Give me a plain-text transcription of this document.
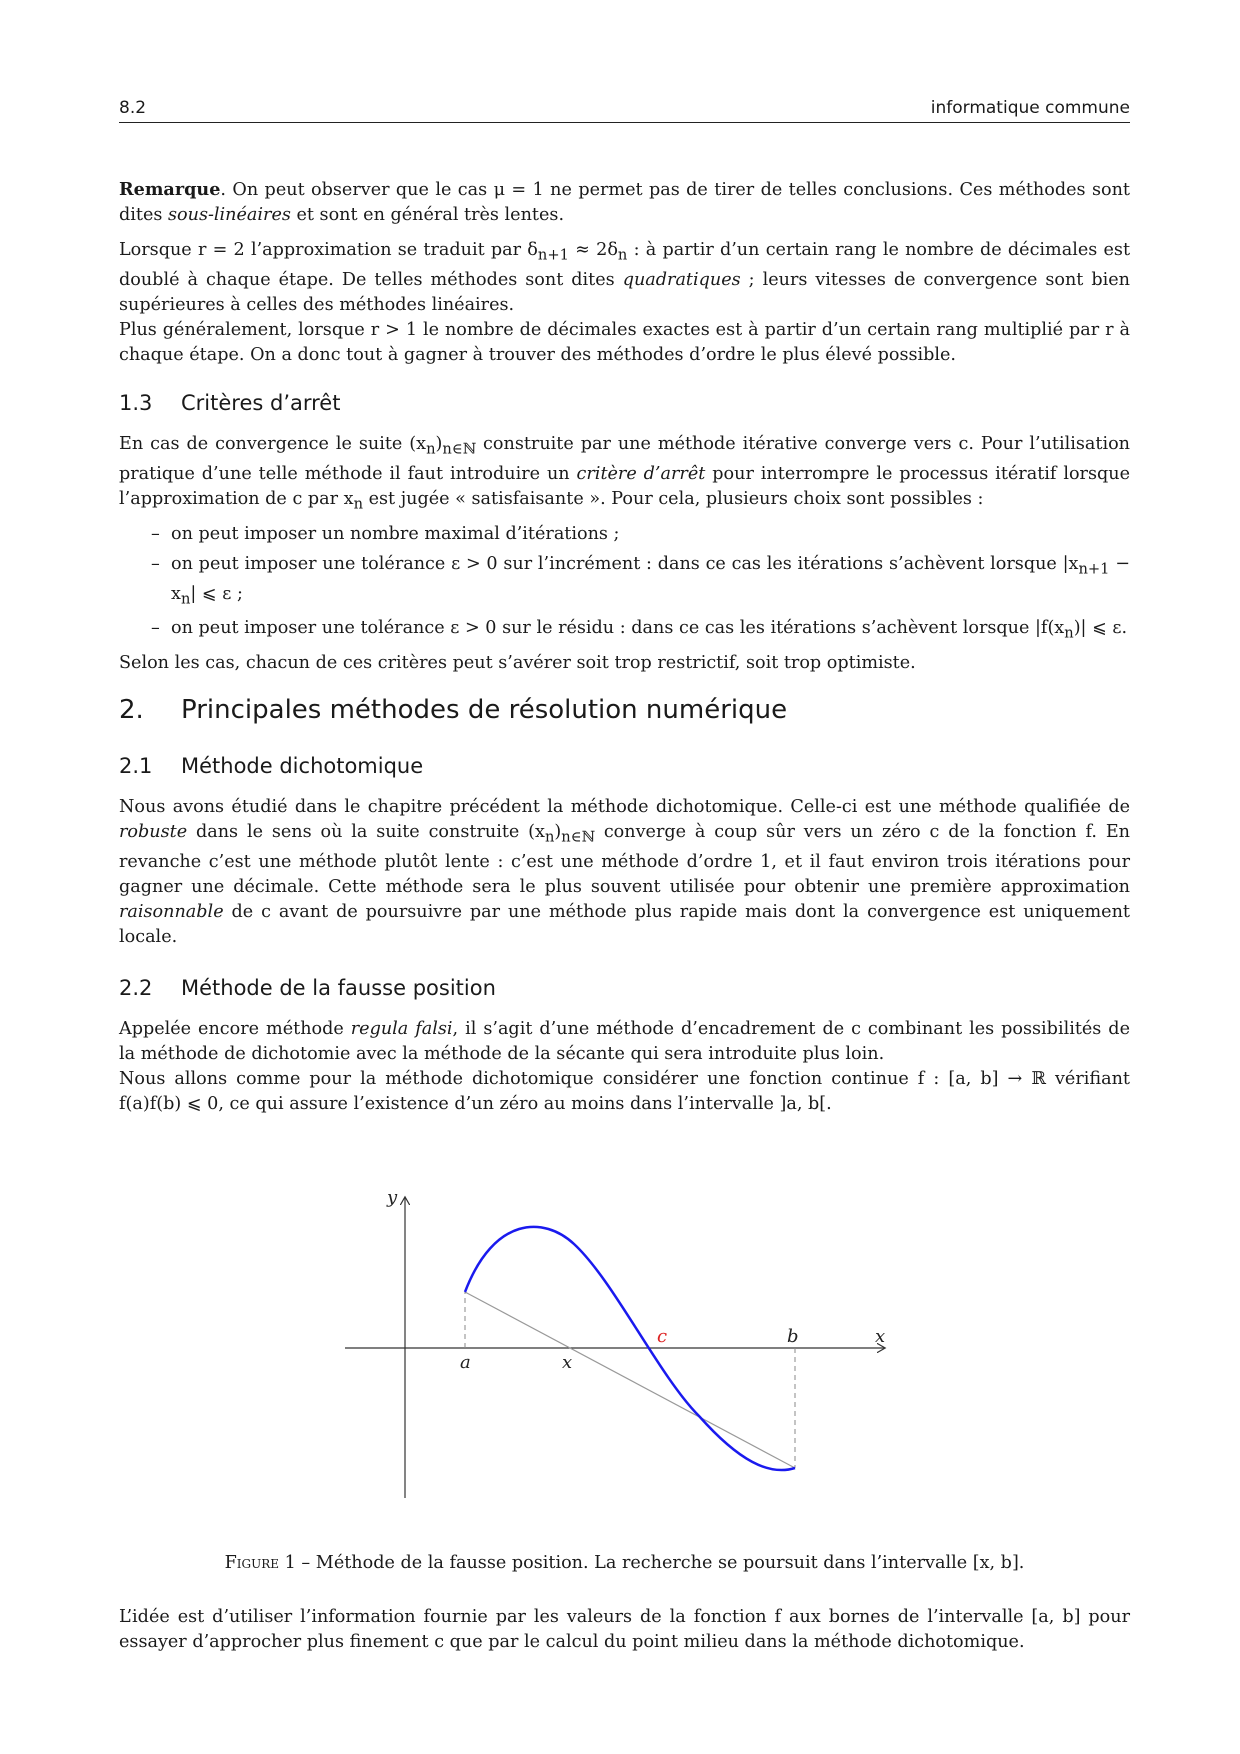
8.2	informatique commune

Remarque. On peut observer que le cas μ = 1 ne permet pas de tirer de telles conclusions. Ces méthodes sont dites sous-linéaires et sont en général très lentes.

Lorsque r = 2 l’approximation se traduit par $\delta_{n+1} \approx 2\delta_n$ : à partir d’un certain rang le nombre de décimales est doublé à chaque étape. De telles méthodes sont dites quadratiques ; leurs vitesses de convergence sont bien supérieures à celles des méthodes linéaires.

Plus généralement, lorsque r > 1 le nombre de décimales exactes est à partir d’un certain rang multiplié par r à chaque étape. On a donc tout à gagner à trouver des méthodes d’ordre le plus élevé possible.

1.3 Critères d’arrêt

En cas de convergence le suite $(x_n)_{n\in ℕ}$ construite par une méthode itérative converge vers c. Pour l’utilisation pratique d’une telle méthode il faut introduire un critère d’arrêt pour interrompre le processus itératif lorsque l’approximation de c par $x_n$ est jugée « satisfaisante ». Pour cela, plusieurs choix sont possibles :

– on peut imposer un nombre maximal d’itérations ;
– on peut imposer une tolérance ε > 0 sur l’incrément : dans ce cas les itérations s’achèvent lorsque $|x_{n+1} - x_n|$ ⩽ ε ;
– on peut imposer une tolérance ε > 0 sur le résidu : dans ce cas les itérations s’achèvent lorsque $|f(x_n)|$ ⩽ ε.

Selon les cas, chacun de ces critères peut s’avérer soit trop restrictif, soit trop optimiste.

2. Principales méthodes de résolution numérique
2.1 Méthode dichotomique

Nous avons étudié dans le chapitre précédent la méthode dichotomique. Celle-ci est une méthode qualifiée de robuste dans le sens où la suite construite $(x_n)_{n\in ℕ}$ converge à coup sûr vers un zéro c de la fonction f. En revanche c’est une méthode plutôt lente : c’est une méthode d’ordre 1, et il faut environ trois itérations pour gagner une décimale. Cette méthode sera le plus souvent utilisée pour obtenir une première approximation raisonnable de c avant de poursuivre par une méthode plus rapide mais dont la convergence est uniquement locale.

2.2 Méthode de la fausse position

Appelée encore méthode regula falsi, il s’agit d’une méthode d’encadrement de c combinant les possibilités de la méthode de dichotomie avec la méthode de la sécante qui sera introduite plus loin.

Nous allons comme pour la méthode dichotomique considérer une fonction continue f : [a, b] → ℝ vérifiant f(a)f(b) ⩽ 0, ce qui assure l’existence d’un zéro au moins dans l’intervalle ]a, b[.

y
x
a	x
c	b
Figure 1 – Méthode de la fausse position. La recherche se poursuit dans l’intervalle [x, b].

L’idée est d’utiliser l’information fournie par les valeurs de la fonction f aux bornes de l’intervalle [a, b] pour essayer d’approcher plus finement c que par le calcul du point milieu dans la méthode dichotomique.
